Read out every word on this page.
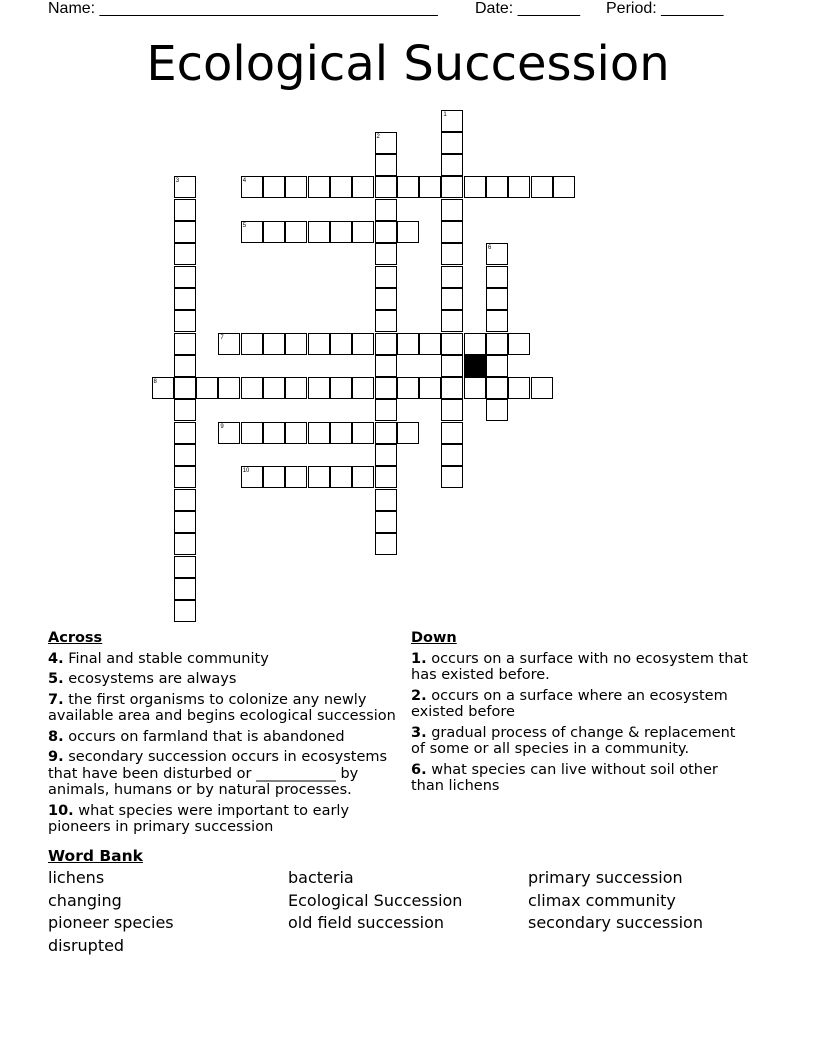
Name: ______________________________________ Date: _______ Period: _______
Ecological Succession
1
2
3	4
5
6
7
8
9
10
Across
4. Final and stable community
5. ecosystems are always
7. the first organisms to colonize any newly available area and begins ecological succession
8. occurs on farmland that is abandoned
9. secondary succession occurs in ecosystems that have been disturbed or ___________ by animals, humans or by natural processes.
10. what species were important to early pioneers in primary succession
Down
1. occurs on a surface with no ecosystem that has existed before.
2. occurs on a surface where an ecosystem existed before
3. gradual process of change & replacement of some or all species in a community.
6. what species can live without soil other than lichens
Word Bank
lichens	bacteria	primary succession
changing	Ecological Succession	climax community
pioneer species	old field succession	secondary succession
disrupted
